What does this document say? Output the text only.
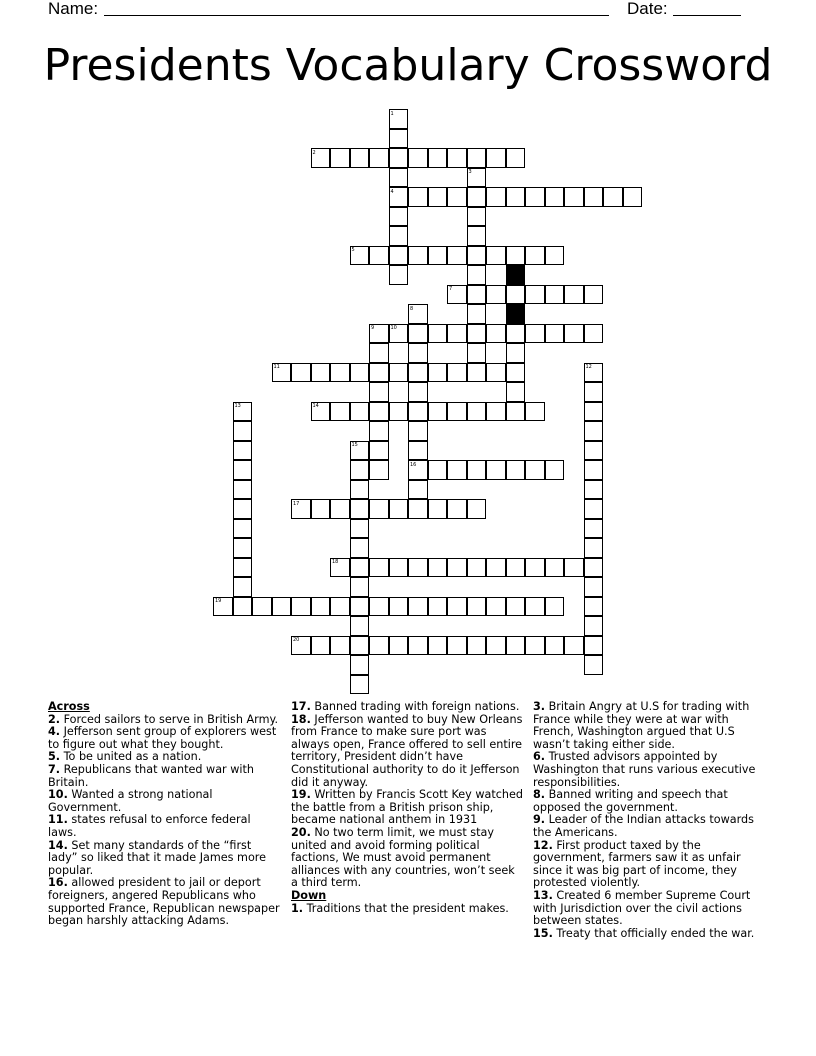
Name:	Date:
Presidents Vocabulary Crossword
1
2
3
4
5
6
7
8
9	10
11	12
13	14
15
16
17
18
19
20
Across
2. Forced sailors to serve in British Army.
4. Jefferson sent group of explorers west to figure out what they bought.
5. To be united as a nation.
7. Republicans that wanted war with Britain.
10. Wanted a strong national Government.
11. states refusal to enforce federal laws.
14. Set many standards of the “first lady” so liked that it made James more popular.
16. allowed president to jail or deport foreigners, angered Republicans who supported France, Republican newspaper began harshly attacking Adams.
17. Banned trading with foreign nations.
18. Jefferson wanted to buy New Orleans from France to make sure port was always open, France offered to sell entire territory, President didn’t have Constitutional authority to do it Jefferson did it anyway.
19. Written by Francis Scott Key watched the battle from a British prison ship, became national anthem in 1931
20. No two term limit, we must stay united and avoid forming political factions, We must avoid permanent alliances with any countries, won’t seek a third term.
Down
1. Traditions that the president makes.
3. Britain Angry at U.S for trading with France while they were at war with French, Washington argued that U.S wasn’t taking either side.
6. Trusted advisors appointed by Washington that runs various executive responsibilities.
8. Banned writing and speech that opposed the government.
9. Leader of the Indian attacks towards the Americans.
12. First product taxed by the government, farmers saw it as unfair since it was big part of income, they protested violently.
13. Created 6 member Supreme Court with Jurisdiction over the civil actions between states.
15. Treaty that officially ended the war.
